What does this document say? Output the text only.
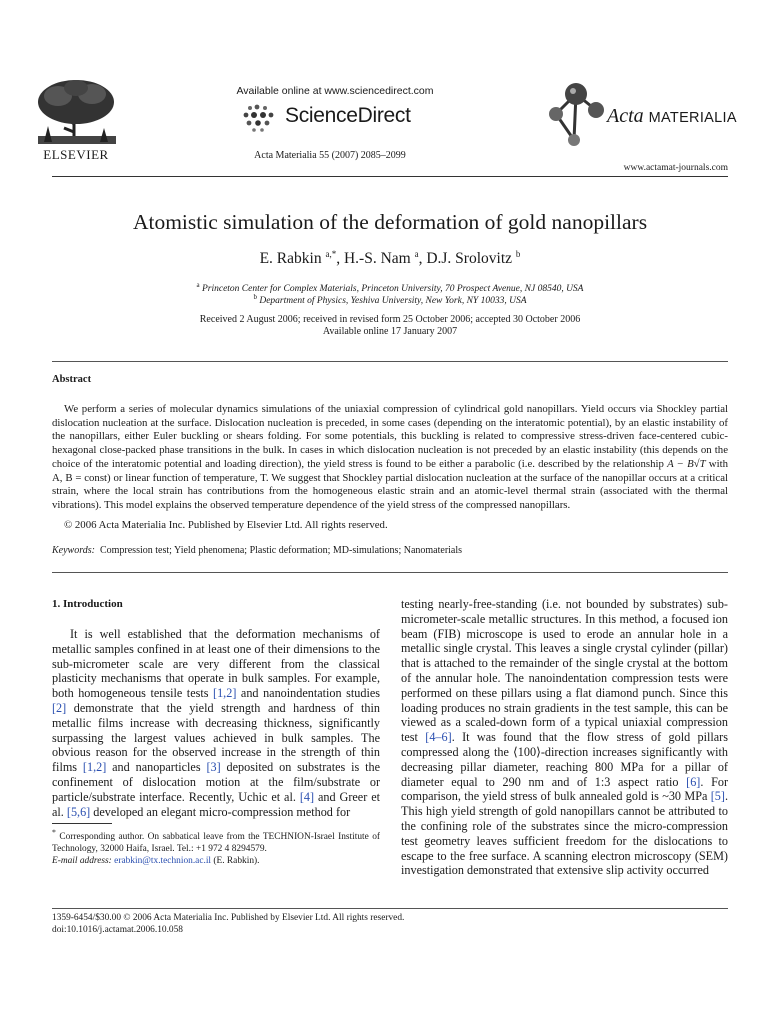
ELSEVIER
Available online at www.sciencedirect.com
ScienceDirect
Acta Materialia 55 (2007) 2085–2099
Acta MATERIALIA
www.actamat-journals.com
Atomistic simulation of the deformation of gold nanopillars
E. Rabkin $^{a,*}$, H.-S. Nam $^a$, D.J. Srolovitz $^b$
$^a$ Princeton Center for Complex Materials, Princeton University, 70 Prospect Avenue, NJ 08540, USA
$^b$ Department of Physics, Yeshiva University, New York, NY 10033, USA
Received 2 August 2006; received in revised form 25 October 2006; accepted 30 October 2006
Available online 17 January 2007
Abstract
We perform a series of molecular dynamics simulations of the uniaxial compression of cylindrical gold nanopillars. Yield occurs via Shockley partial dislocation nucleation at the surface. Dislocation nucleation is preceded, in some cases (depending on the interatomic potential), by an elastic instability of the nanopillars, either Euler buckling or shears folding. For some potentials, this buckling is related to compressive stress-driven face-centered cubic-hexagonal close-packed phase transitions in the bulk. In cases in which dislocation nucleation is not preceded by an elastic instability (this depends on the choice of the interatomic potential and loading direction), the yield stress is found to be either a parabolic (i.e. described by the relationship A − B√T with A, B = const) or linear function of temperature, T. We suggest that Shockley partial dislocation nucleation at the surface of the nanopillar occurs at a critical strain, where the local strain has contributions from the homogeneous elastic strain and an atomic-level thermal strain (associated with the thermal vibrations). This model explains the observed temperature dependence of the yield stress of the compressed nanopillars.
© 2006 Acta Materialia Inc. Published by Elsevier Ltd. All rights reserved.
Keywords: Compression test; Yield phenomena; Plastic deformation; MD-simulations; Nanomaterials
1. Introduction
It is well established that the deformation mechanisms of metallic samples confined in at least one of their dimensions to the sub-micrometer scale are very different from the classical plasticity mechanisms that operate in bulk samples. For example, both homogeneous tensile tests [1,2] and nanoindentation studies [2] demonstrate that the yield strength and hardness of thin metallic films increase with decreasing thickness, significantly surpassing the largest values achieved in bulk samples. The obvious reason for the observed increase in the strength of thin films [1,2] and nanoparticles [3] deposited on substrates is the confinement of dislocation motion at the film/substrate or particle/substrate interface. Recently, Uchic et al. [4] and Greer et al. [5,6] developed an elegant micro-compression method for
testing nearly-free-standing (i.e. not bounded by substrates) sub-micrometer-scale metallic structures. In this method, a focused ion beam (FIB) microscope is used to erode an annular hole in a metallic single crystal. This leaves a single crystal cylinder (pillar) that is attached to the remainder of the single crystal at the bottom of the annular hole. The nanoindentation compression tests were performed on these pillars using a flat diamond punch. Since this loading produces no strain gradients in the test sample, this can be viewed as a scaled-down form of a typical uniaxial compression test [4–6]. It was found that the flow stress of gold pillars compressed along the ⟨100⟩-direction increases significantly with decreasing pillar diameter, reaching 800 MPa for a pillar of diameter equal to 290 nm and of 1:3 aspect ratio [6]. For comparison, the yield stress of bulk annealed gold is ~30 MPa [5]. This high yield strength of gold nanopillars cannot be attributed to the confining role of the substrates since the micro-compression test geometry leaves sufficient freedom for the dislocations to escape to the free surface. A scanning electron microscopy (SEM) investigation demonstrated that extensive slip activity occurred
* Corresponding author. On sabbatical leave from the TECHNION-Israel Institute of Technology, 32000 Haifa, Israel. Tel.: +1 972 4 8294579.
E-mail address: erabkin@tx.technion.ac.il (E. Rabkin).
1359-6454/$30.00 © 2006 Acta Materialia Inc. Published by Elsevier Ltd. All rights reserved.
doi:10.1016/j.actamat.2006.10.058
